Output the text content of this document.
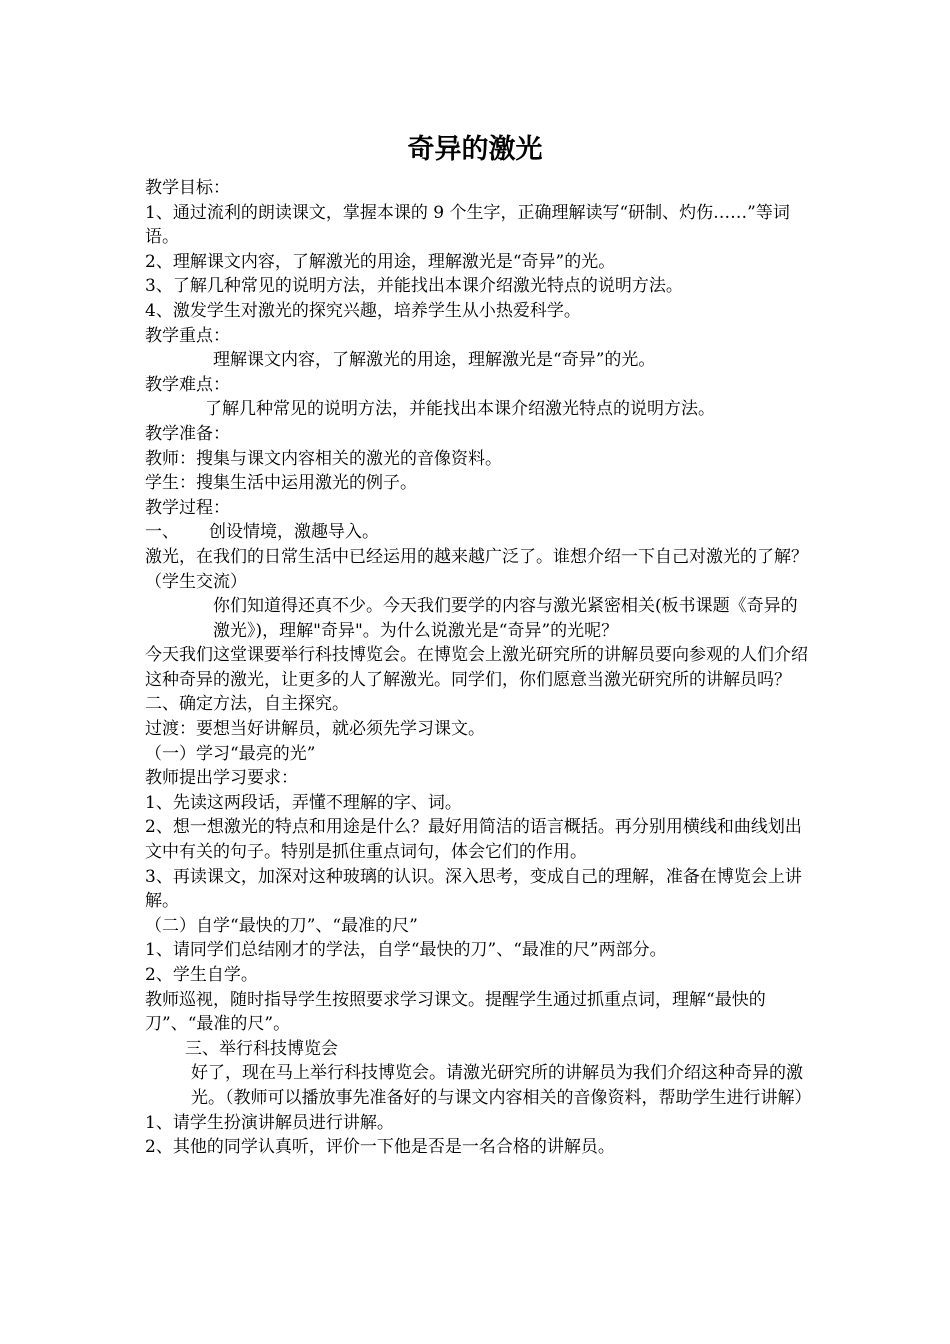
奇异的激光

教学目标：

1、通过流利的朗读课文，掌握本课的 9 个生字，正确理解读写“研制、灼伤……”等词语。

2、理解课文内容，了解激光的用途，理解激光是“奇异”的光。

3、了解几种常见的说明方法，并能找出本课介绍激光特点的说明方法。

4、激发学生对激光的探究兴趣，培养学生从小热爱科学。

教学重点：

理解课文内容，了解激光的用途，理解激光是“奇异”的光。

教学难点：

了解几种常见的说明方法，并能找出本课介绍激光特点的说明方法。

教学准备：

教师：搜集与课文内容相关的激光的音像资料。

学生：搜集生活中运用激光的例子。

教学过程：

一、 创设情境，激趣导入。

激光，在我们的日常生活中已经运用的越来越广泛了。谁想介绍一下自己对激光的了解？（学生交流）

你们知道得还真不少。今天我们要学的内容与激光紧密相关(板书课题《奇异的激光》)，理解"奇异"。为什么说激光是“奇异”的光呢？

今天我们这堂课要举行科技博览会。在博览会上激光研究所的讲解员要向参观的人们介绍这种奇异的激光，让更多的人了解激光。同学们，你们愿意当激光研究所的讲解员吗？

二、确定方法，自主探究。

过渡：要想当好讲解员，就必须先学习课文。

（一）学习“最亮的光”

教师提出学习要求：

1、先读这两段话，弄懂不理解的字、词。

2、想一想激光的特点和用途是什么？最好用简洁的语言概括。再分别用横线和曲线划出文中有关的句子。特别是抓住重点词句，体会它们的作用。

3、再读课文，加深对这种玻璃的认识。深入思考，变成自己的理解，准备在博览会上讲解。

（二）自学“最快的刀”、“最准的尺”

1、请同学们总结刚才的学法，自学“最快的刀”、“最准的尺”两部分。

2、学生自学。

教师巡视，随时指导学生按照要求学习课文。提醒学生通过抓重点词，理解“最快的刀”、“最准的尺”。

三、举行科技博览会

好了，现在马上举行科技博览会。请激光研究所的讲解员为我们介绍这种奇异的激光。（教师可以播放事先准备好的与课文内容相关的音像资料，帮助学生进行讲解）

1、请学生扮演讲解员进行讲解。

2、其他的同学认真听，评价一下他是否是一名合格的讲解员。
